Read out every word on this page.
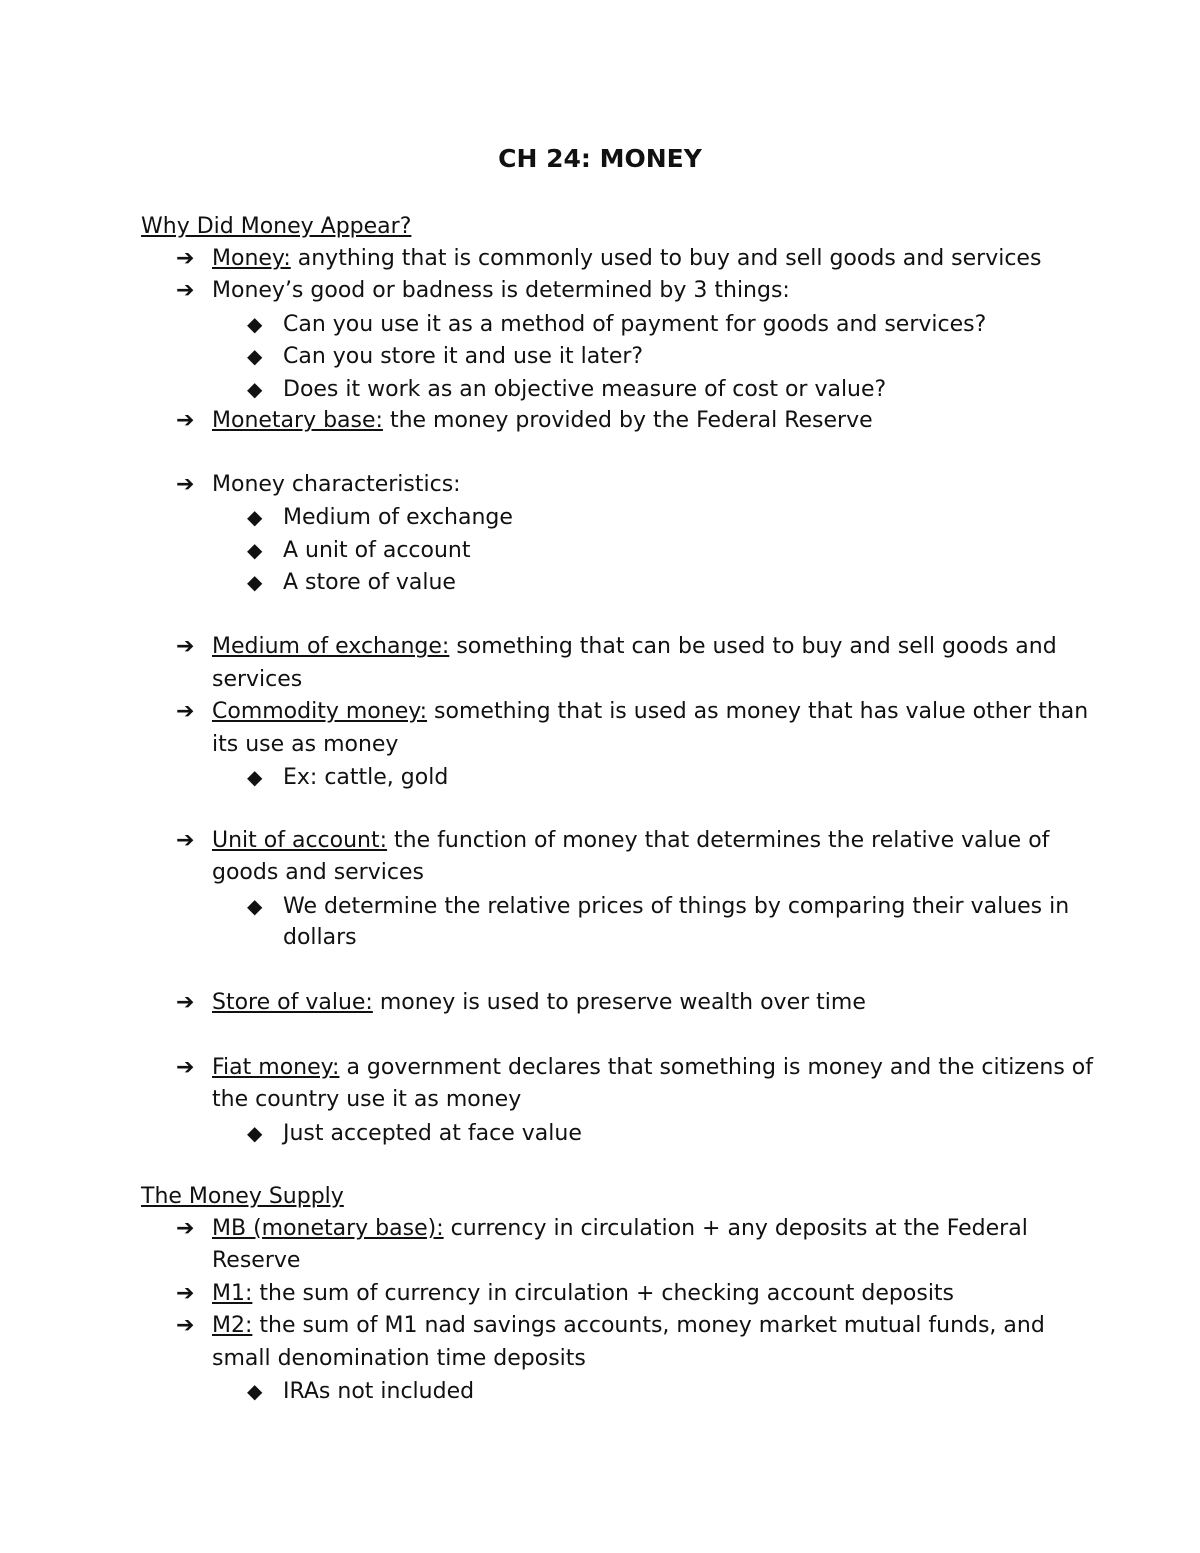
CH 24: MONEY
Why Did Money Appear?
➔ Money: anything that is commonly used to buy and sell goods and services
➔ Money’s good or badness is determined by 3 things:
◆ Can you use it as a method of payment for goods and services?
◆ Can you store it and use it later?
◆ Does it work as an objective measure of cost or value?
➔ Monetary base: the money provided by the Federal Reserve
➔ Money characteristics:
◆ Medium of exchange
◆ A unit of account
◆ A store of value
➔ Medium of exchange: something that can be used to buy and sell goods and
services
➔ Commodity money: something that is used as money that has value other than
its use as money
◆ Ex: cattle, gold
➔ Unit of account: the function of money that determines the relative value of
goods and services
◆ We determine the relative prices of things by comparing their values in
dollars
➔ Store of value: money is used to preserve wealth over time
➔ Fiat money: a government declares that something is money and the citizens of
the country use it as money
◆ Just accepted at face value
The Money Supply
➔ MB (monetary base): currency in circulation + any deposits at the Federal
Reserve
➔ M1: the sum of currency in circulation + checking account deposits
➔ M2: the sum of M1 nad savings accounts, money market mutual funds, and
small denomination time deposits
◆ IRAs not included
